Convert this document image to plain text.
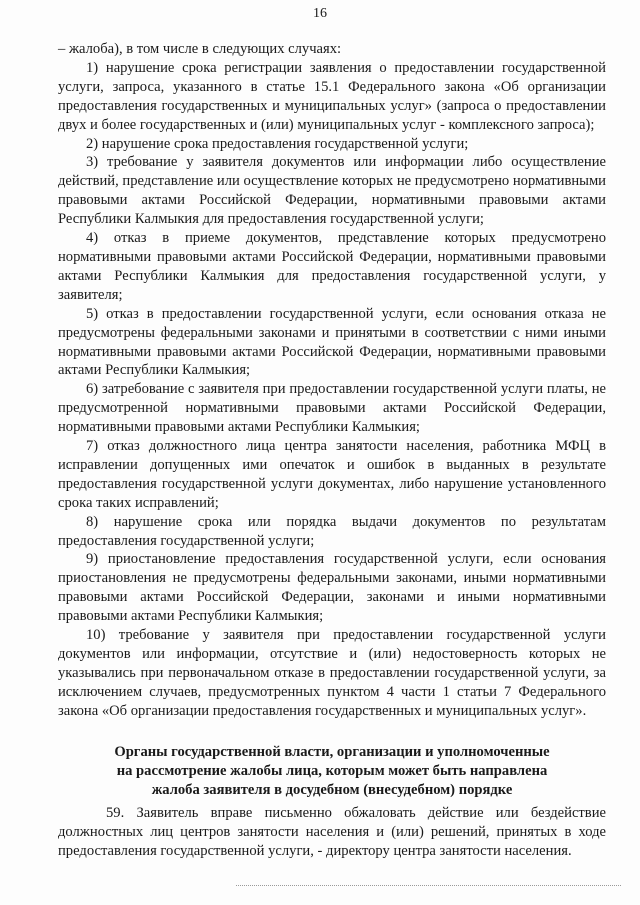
16

– жалоба), в том числе в следующих случаях:

1) нарушение срока регистрации заявления о предоставлении государственной услуги, запроса, указанного в статье 15.1 Федерального закона «Об организации предоставления государственных и муниципальных услуг» (запроса о предоставлении двух и более государственных и (или) муниципальных услуг - комплексного запроса);

2) нарушение срока предоставления государственной услуги;

3) требование у заявителя документов или информации либо осуществление действий, представление или осуществление которых не предусмотрено нормативными правовыми актами Российской Федерации, нормативными правовыми актами Республики Калмыкия для предоставления государственной услуги;

4) отказ в приеме документов, представление которых предусмотрено нормативными правовыми актами Российской Федерации, нормативными правовыми актами Республики Калмыкия для предоставления государственной услуги, у заявителя;

5) отказ в предоставлении государственной услуги, если основания отказа не предусмотрены федеральными законами и принятыми в соответствии с ними иными нормативными правовыми актами Российской Федерации, нормативными правовыми актами Республики Калмыкия;

6) затребование с заявителя при предоставлении государственной услуги платы, не предусмотренной нормативными правовыми актами Российской Федерации, нормативными правовыми актами Республики Калмыкия;

7) отказ должностного лица центра занятости населения, работника МФЦ в исправлении допущенных ими опечаток и ошибок в выданных в результате предоставления государственной услуги документах, либо нарушение установленного срока таких исправлений;

8) нарушение срока или порядка выдачи документов по результатам предоставления государственной услуги;

9) приостановление предоставления государственной услуги, если основания приостановления не предусмотрены федеральными законами, иными нормативными правовыми актами Российской Федерации, законами и иными нормативными правовыми актами Республики Калмыкия;

10) требование у заявителя при предоставлении государственной услуги документов или информации, отсутствие и (или) недостоверность которых не указывались при первоначальном отказе в предоставлении государственной услуги, за исключением случаев, предусмотренных пунктом 4 части 1 статьи 7 Федерального закона «Об организации предоставления государственных и муниципальных услуг».

Органы государственной власти, организации и уполномоченные
на рассмотрение жалобы лица, которым может быть направлена
жалоба заявителя в досудебном (внесудебном) порядке

59. Заявитель вправе письменно обжаловать действие или бездействие должностных лиц центров занятости населения и (или) решений, принятых в ходе предоставления государственной услуги, - директору центра занятости населения.
